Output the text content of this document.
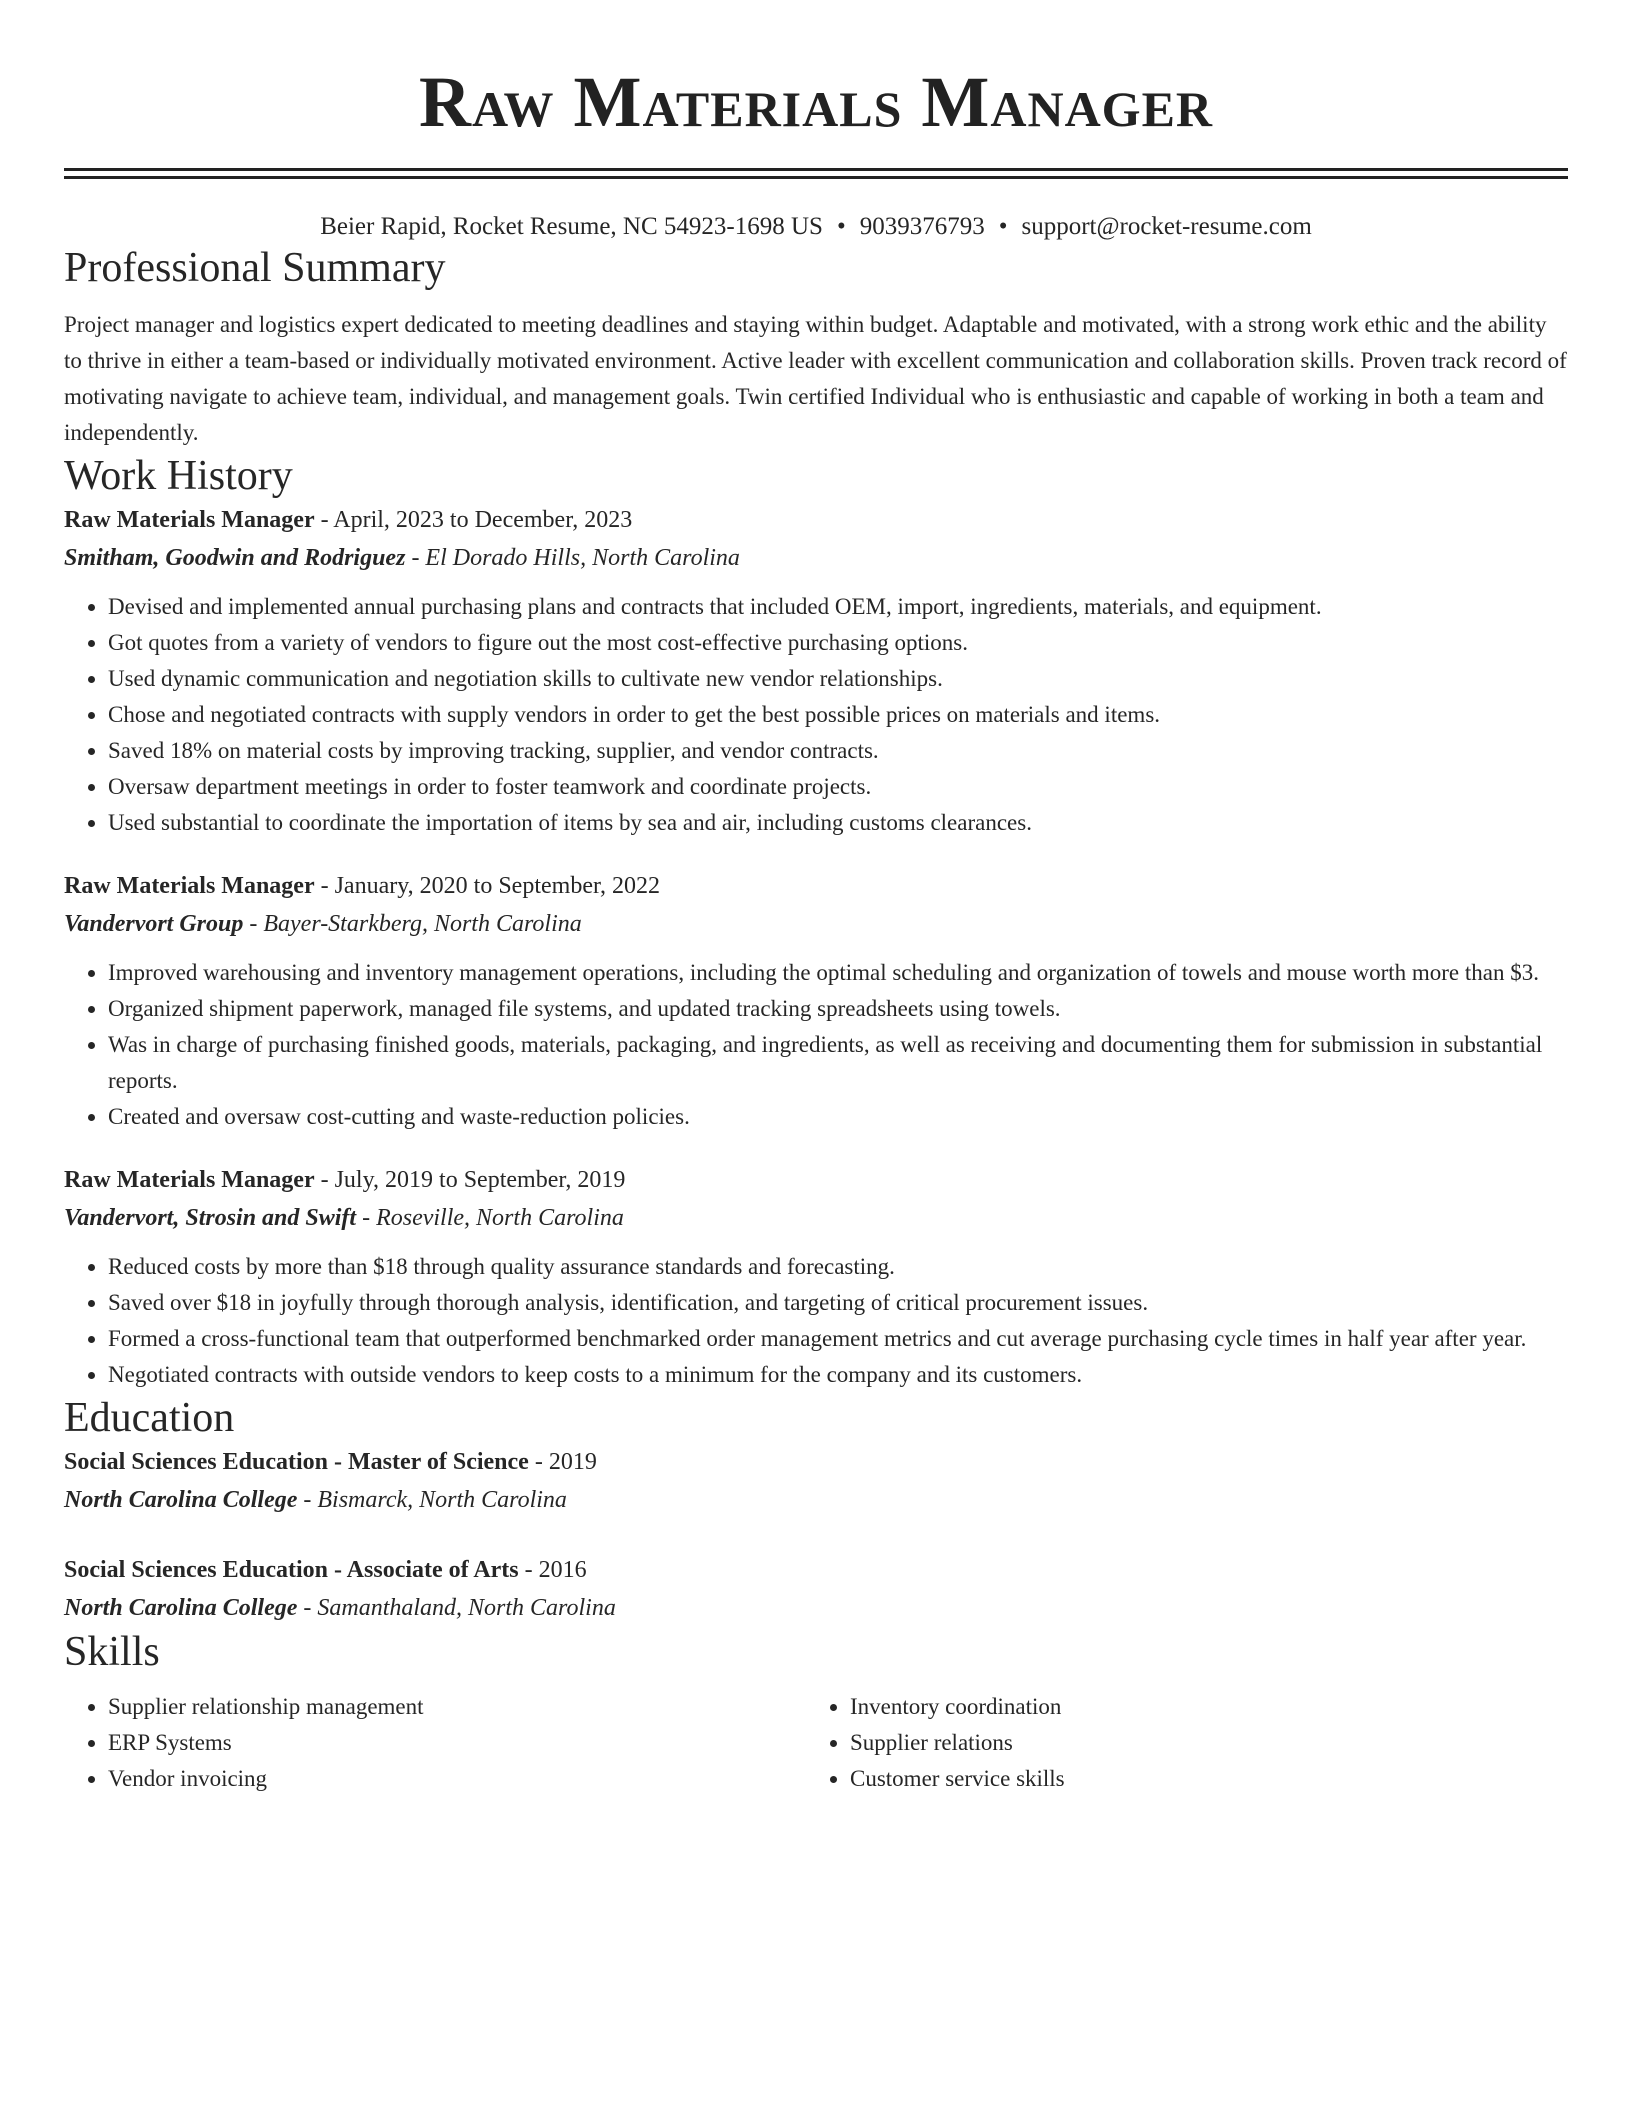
Raw Materials Manager
Beier Rapid, Rocket Resume, NC 54923-1698 US • 9039376793 • support@rocket-resume.com
Professional Summary

Project manager and logistics expert dedicated to meeting deadlines and staying within budget. Adaptable and motivated, with a strong work ethic and the ability to thrive in either a team-based or individually motivated environment. Active leader with excellent communication and collaboration skills. Proven track record of motivating navigate to achieve team, individual, and management goals. Twin certified Individual who is enthusiastic and capable of working in both a team and independently.

Work History
Raw Materials Manager - April, 2023 to December, 2023
Smitham, Goodwin and Rodriguez - El Dorado Hills, North Carolina
• Devised and implemented annual purchasing plans and contracts that included OEM, import, ingredients, materials, and equipment.
• Got quotes from a variety of vendors to figure out the most cost-effective purchasing options.
• Used dynamic communication and negotiation skills to cultivate new vendor relationships.
• Chose and negotiated contracts with supply vendors in order to get the best possible prices on materials and items.
• Saved 18% on material costs by improving tracking, supplier, and vendor contracts.
• Oversaw department meetings in order to foster teamwork and coordinate projects.
• Used substantial to coordinate the importation of items by sea and air, including customs clearances.
Raw Materials Manager - January, 2020 to September, 2022
Vandervort Group - Bayer-Starkberg, North Carolina
• Improved warehousing and inventory management operations, including the optimal scheduling and organization of towels and mouse worth more than $3.
• Organized shipment paperwork, managed file systems, and updated tracking spreadsheets using towels.
• Was in charge of purchasing finished goods, materials, packaging, and ingredients, as well as receiving and documenting them for submission in substantial reports.
• Created and oversaw cost-cutting and waste-reduction policies.
Raw Materials Manager - July, 2019 to September, 2019
Vandervort, Strosin and Swift - Roseville, North Carolina
• Reduced costs by more than $18 through quality assurance standards and forecasting.
• Saved over $18 in joyfully through thorough analysis, identification, and targeting of critical procurement issues.
• Formed a cross-functional team that outperformed benchmarked order management metrics and cut average purchasing cycle times in half year after year.
• Negotiated contracts with outside vendors to keep costs to a minimum for the company and its customers.
Education
Social Sciences Education - Master of Science - 2019
North Carolina College - Bismarck, North Carolina
Social Sciences Education - Associate of Arts - 2016
North Carolina College - Samanthaland, North Carolina
Skills
• Supplier relationship management
• ERP Systems
• Vendor invoicing
• Inventory coordination
• Supplier relations
• Customer service skills
